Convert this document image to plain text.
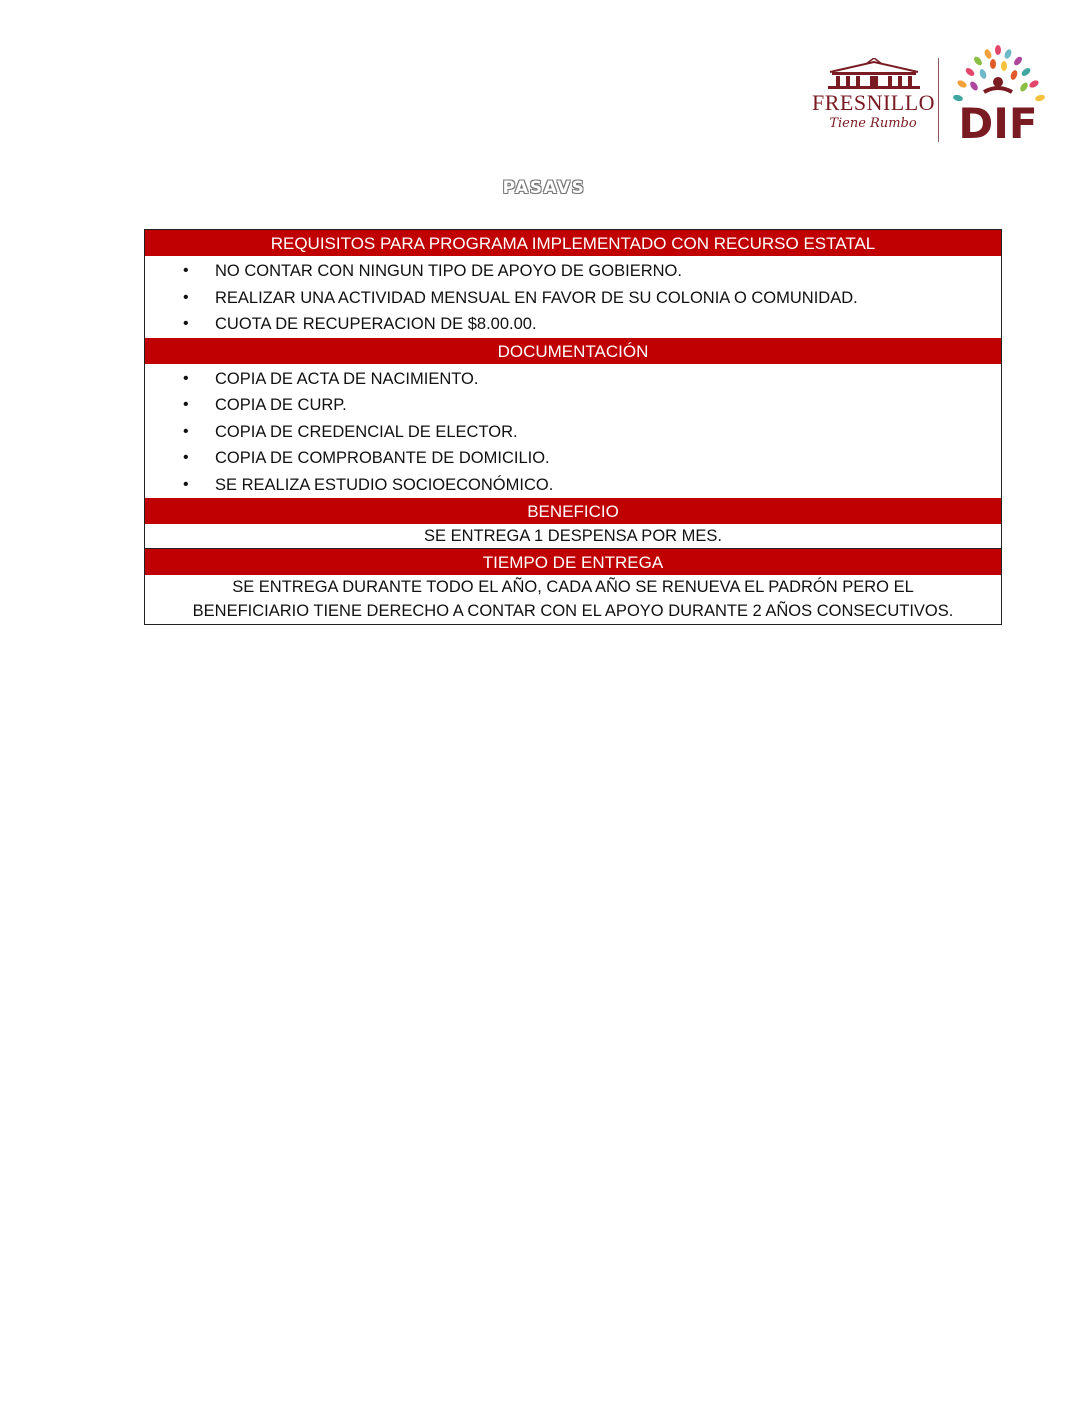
FRESNILLO
Tiene Rumbo DIF
PASAVS
REQUISITOS PARA PROGRAMA IMPLEMENTADO CON RECURSO ESTATAL
• NO CONTAR CON NINGUN TIPO DE APOYO DE GOBIERNO.
• REALIZAR UNA ACTIVIDAD MENSUAL EN FAVOR DE SU COLONIA O COMUNIDAD.
• CUOTA DE RECUPERACION DE $8.00.00.
DOCUMENTACIÓN
• COPIA DE ACTA DE NACIMIENTO.
• COPIA DE CURP.
• COPIA DE CREDENCIAL DE ELECTOR.
• COPIA DE COMPROBANTE DE DOMICILIO.
• SE REALIZA ESTUDIO SOCIOECONÓMICO.
BENEFICIO
SE ENTREGA 1 DESPENSA POR MES.
TIEMPO DE ENTREGA
SE ENTREGA DURANTE TODO EL AÑO, CADA AÑO SE RENUEVA EL PADRÓN PERO EL
BENEFICIARIO TIENE DERECHO A CONTAR CON EL APOYO DURANTE 2 AÑOS CONSECUTIVOS.
